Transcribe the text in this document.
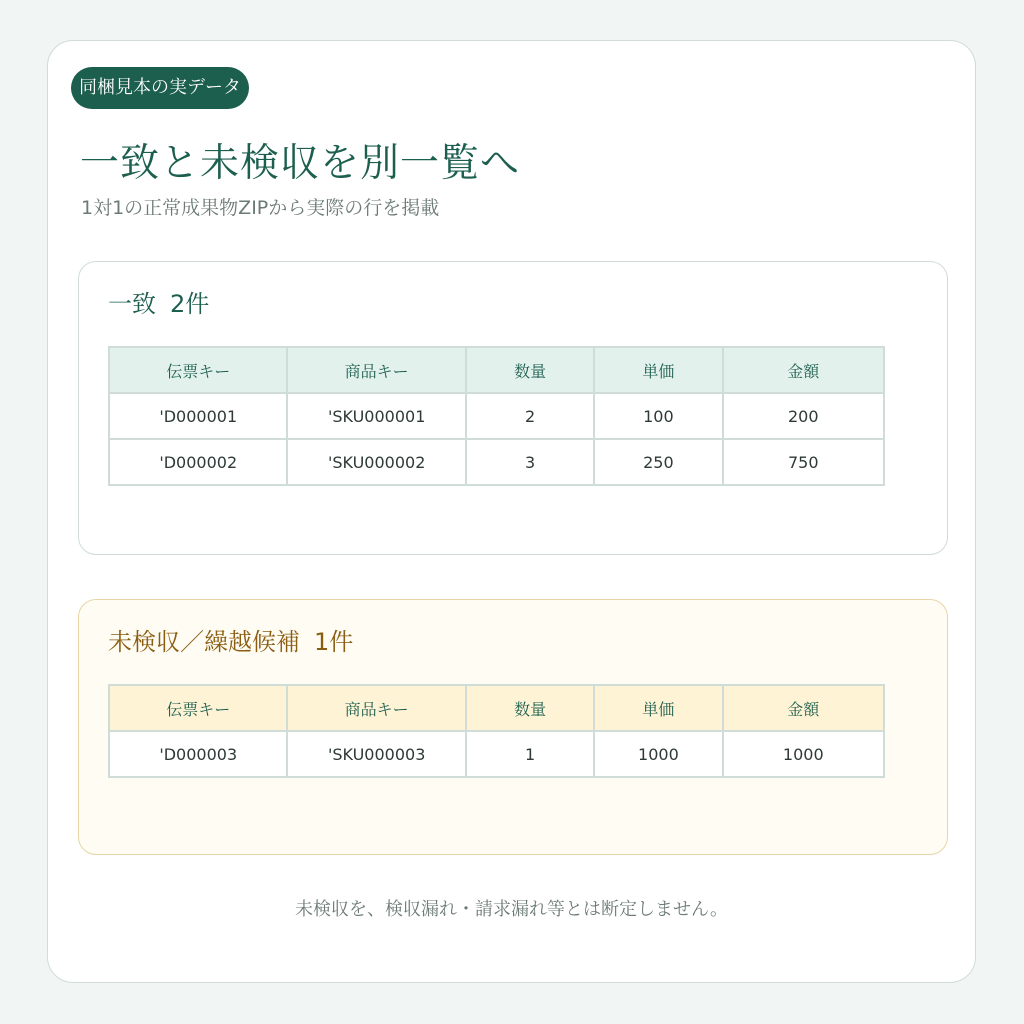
同梱見本の実データ
一致と未検収を別一覧へ
1対1の正常成果物ZIPから実際の行を掲載
一致 2件
伝票キー	商品キー	数量	単価	金額
'D000001	'SKU000001	2	100	200
'D000002	'SKU000002	3	250	750
未検収／繰越候補 1件
伝票キー	商品キー	数量	単価	金額
'D000003	'SKU000003	1	1000	1000
未検収を、検収漏れ・請求漏れ等とは断定しません。
